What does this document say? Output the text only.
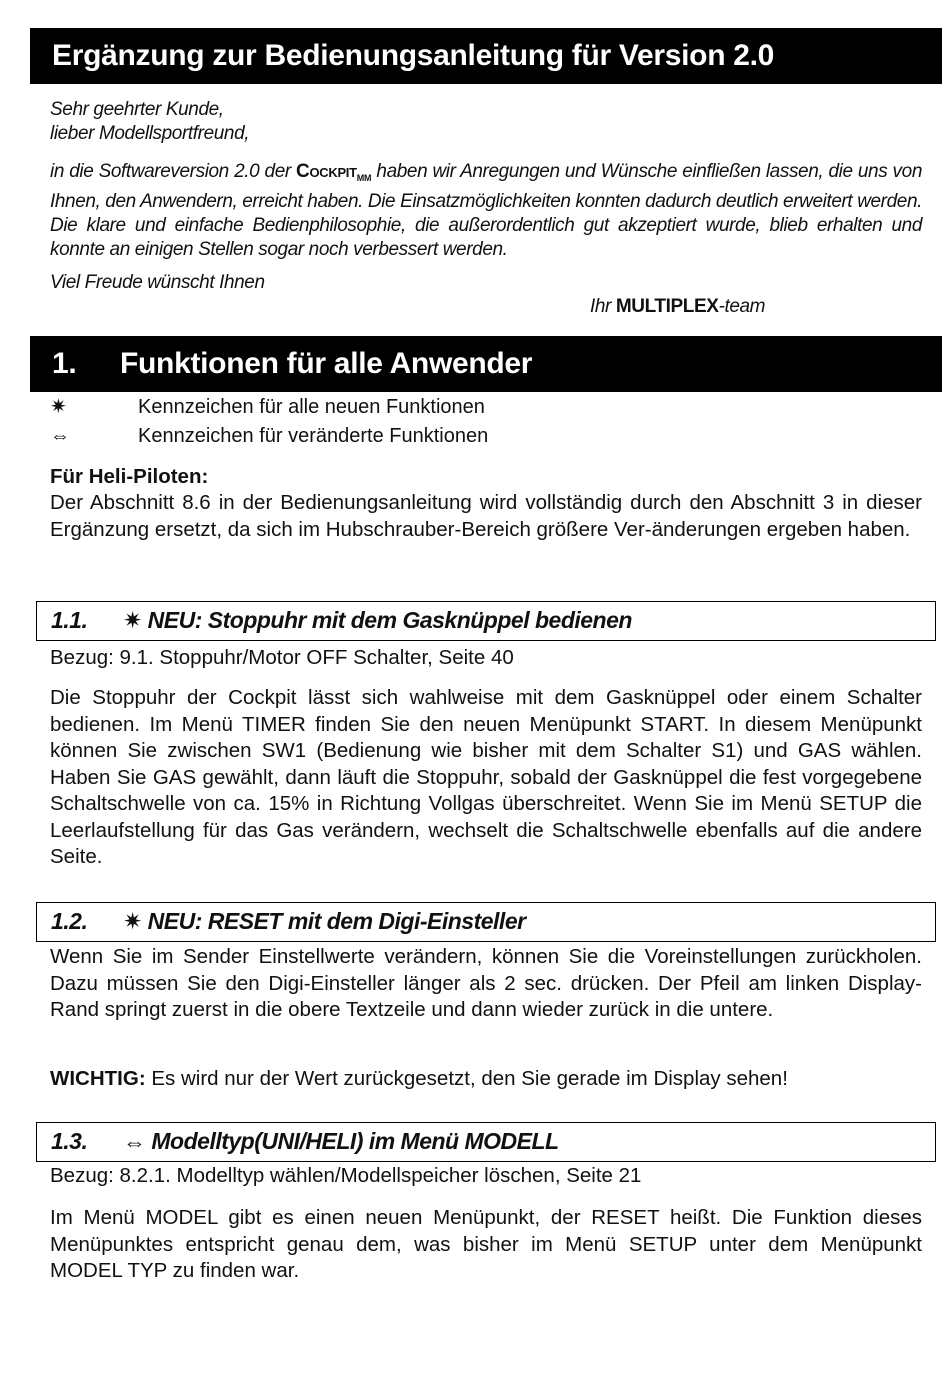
Ergänzung zur Bedienungsanleitung für Version 2.0
Sehr geehrter Kunde,
lieber Modellsportfreund,
in die Softwareversion 2.0 der Cockpit$_{MM}$ haben wir Anregungen und Wünsche einfließen lassen, die uns von Ihnen, den Anwendern, erreicht haben. Die Einsatzmöglichkeiten konnten dadurch deutlich erweitert werden. Die klare und einfache Bedienphilosophie, die außerordentlich gut akzeptiert wurde, blieb erhalten und konnte an einigen Stellen sogar noch verbessert werden.
Viel Freude wünscht Ihnen
Ihr MULTIPLEX-team
1. Funktionen für alle Anwender
✷	Kennzeichen für alle neuen Funktionen
⇔	Kennzeichen für veränderte Funktionen
Für Heli-Piloten:
Der Abschnitt 8.6 in der Bedienungsanleitung wird vollständig durch den Abschnitt 3 in dieser Ergänzung ersetzt, da sich im Hubschrauber-Bereich größere Ver-änderungen ergeben haben.
1.1. ✷ NEU: Stoppuhr mit dem Gasknüppel bedienen
Bezug: 9.1. Stoppuhr/Motor OFF Schalter, Seite 40
Die Stoppuhr der Cockpit lässt sich wahlweise mit dem Gasknüppel oder einem Schalter bedienen. Im Menü TIMER finden Sie den neuen Menüpunkt START. In diesem Menüpunkt können Sie zwischen SW1 (Bedienung wie bisher mit dem Schalter S1) und GAS wählen. Haben Sie GAS gewählt, dann läuft die Stoppuhr, sobald der Gasknüppel die fest vorgegebene Schaltschwelle von ca. 15% in Richtung Vollgas überschreitet. Wenn Sie im Menü SETUP die Leerlaufstellung für das Gas verändern, wechselt die Schaltschwelle ebenfalls auf die andere Seite.
1.2. ✷ NEU: RESET mit dem Digi-Einsteller
Wenn Sie im Sender Einstellwerte verändern, können Sie die Voreinstellungen zurückholen. Dazu müssen Sie den Digi-Einsteller länger als 2 sec. drücken. Der Pfeil am linken Display-Rand springt zuerst in die obere Textzeile und dann wieder zurück in die untere.
WICHTIG: Es wird nur der Wert zurückgesetzt, den Sie gerade im Display sehen!
1.3. ⇔ Modelltyp(UNI/HELI) im Menü MODELL
Bezug: 8.2.1. Modelltyp wählen/Modellspeicher löschen, Seite 21
Im Menü MODEL gibt es einen neuen Menüpunkt, der RESET heißt. Die Funktion dieses Menüpunktes entspricht genau dem, was bisher im Menü SETUP unter dem Menüpunkt MODEL TYP zu finden war.
